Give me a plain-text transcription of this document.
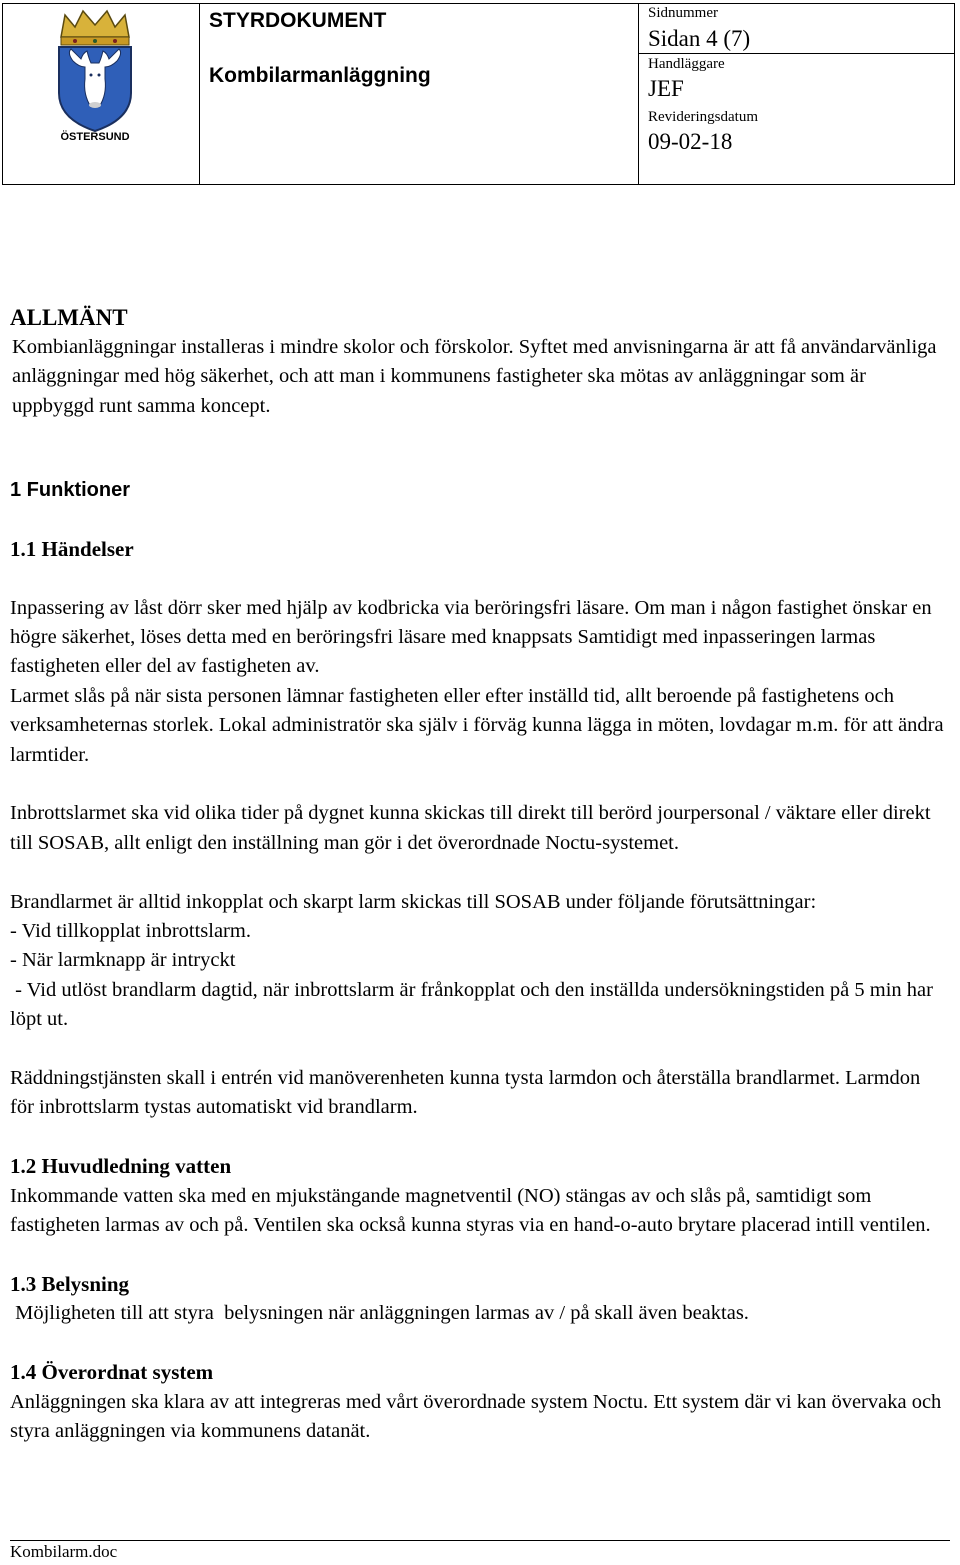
ÖSTERSUND
STYRDOKUMENT
Kombilarmanläggning
Sidnummer
Sidan 4 (7)
Handläggare
JEF
Revideringsdatum
09-02-18

ALLMÄNT

Kombianläggningar installeras i mindre skolor och förskolor. Syftet med anvisningarna är att få användarvänliga anläggningar med hög säkerhet, och att man i kommunens fastigheter ska mötas av anläggningar som är uppbyggd runt samma koncept.

1 Funktioner

1.1 Händelser

Inpassering av låst dörr sker med hjälp av kodbricka via beröringsfri läsare. Om man i någon fastighet önskar en högre säkerhet, löses detta med en beröringsfri läsare med knappsats Samtidigt med inpasseringen larmas fastigheten eller del av fastigheten av.

Larmet slås på när sista personen lämnar fastigheten eller efter inställd tid, allt beroende på fastighetens och verksamheternas storlek. Lokal administratör ska själv i förväg kunna lägga in möten, lovdagar m.m. för att ändra larmtider.

Inbrottslarmet ska vid olika tider på dygnet kunna skickas till direkt till berörd jourpersonal / väktare eller direkt till SOSAB, allt enligt den inställning man gör i det överordnade Noctu-systemet.

Brandlarmet är alltid inkopplat och skarpt larm skickas till SOSAB under följande förutsättningar:

- Vid tillkopplat inbrottslarm.

- När larmknapp är intryckt

- Vid utlöst brandlarm dagtid, när inbrottslarm är frånkopplat och den inställda undersökningstiden på 5 min har löpt ut.

Räddningstjänsten skall i entrén vid manöverenheten kunna tysta larmdon och återställa brandlarmet. Larmdon för inbrottslarm tystas automatiskt vid brandlarm.

1.2 Huvudledning vatten

Inkommande vatten ska med en mjukstängande magnetventil (NO) stängas av och slås på, samtidigt som fastigheten larmas av och på. Ventilen ska också kunna styras via en hand-o-auto brytare placerad intill ventilen.

1.3 Belysning

Möjligheten till att styra  belysningen när anläggningen larmas av / på skall även beaktas.

1.4 Överordnat system

Anläggningen ska klara av att integreras med vårt överordnade system Noctu. Ett system där vi kan övervaka och styra anläggningen via kommunens datanät.

Kombilarm.doc
